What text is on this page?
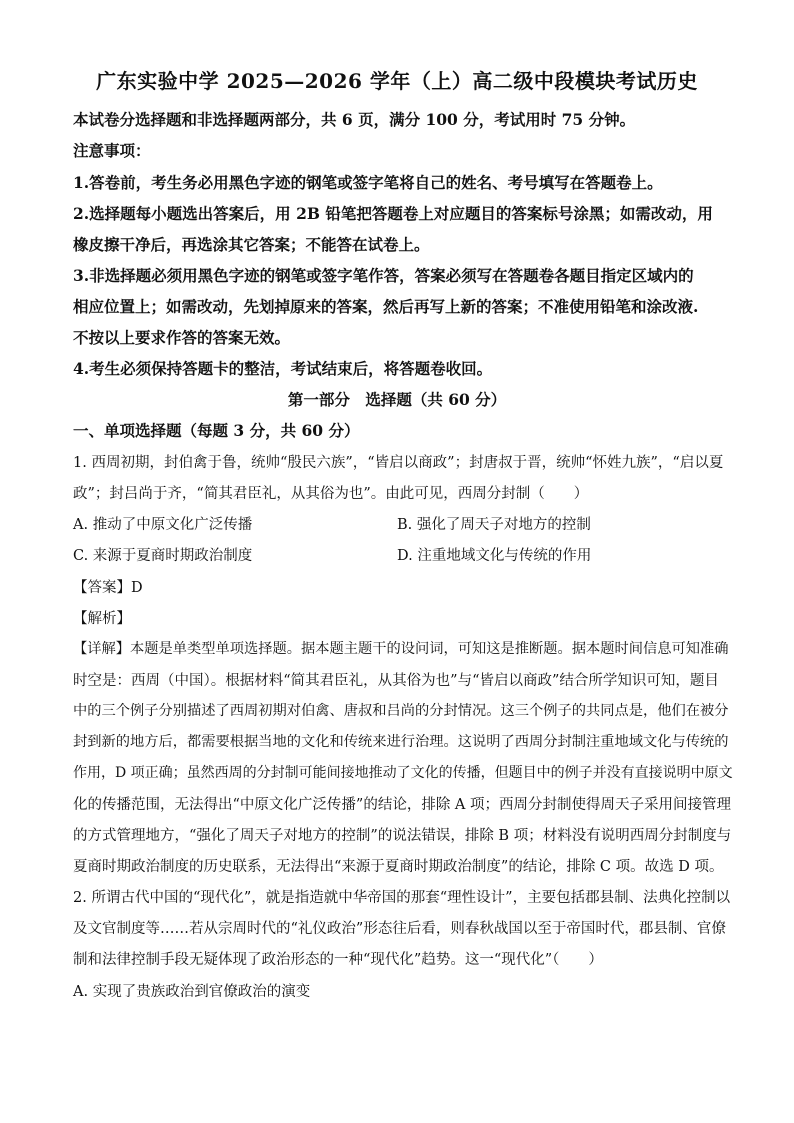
广东实验中学 2025—2026 学年（上）高二级中段模块考试历史
本试卷分选择题和非选择题两部分，共 6 页，满分 100 分，考试用时 75 分钟。
注意事项：
1.答卷前，考生务必用黑色字迹的钢笔或签字笔将自己的姓名、考号填写在答题卷上。
2.选择题每小题选出答案后，用 2B 铅笔把答题卷上对应题目的答案标号涂黑；如需改动，用
橡皮擦干净后，再选涂其它答案；不能答在试卷上。
3.非选择题必须用黑色字迹的钢笔或签字笔作答，答案必须写在答题卷各题目指定区域内的
相应位置上；如需改动，先划掉原来的答案，然后再写上新的答案；不准使用铅笔和涂改液.
不按以上要求作答的答案无效。
4.考生必须保持答题卡的整洁，考试结束后，将答题卷收回。
第一部分　选择题（共 60 分）
一、单项选择题（每题 3 分，共 60 分）
1. 西周初期，封伯禽于鲁，统帅“殷民六族”，“皆启以商政”；封唐叔于晋，统帅“怀姓九族”，“启以夏
政”；封吕尚于齐，“简其君臣礼，从其俗为也”。由此可见，西周分封制（　　）
A. 推动了中原文化广泛传播	B. 强化了周天子对地方的控制
C. 来源于夏商时期政治制度	D. 注重地域文化与传统的作用
【答案】D
【解析】
【详解】本题是单类型单项选择题。据本题主题干的设问词，可知这是推断题。据本题时间信息可知准确
时空是：西周（中国）。根据材料“简其君臣礼，从其俗为也”与“皆启以商政”结合所学知识可知，题目
中的三个例子分别描述了西周初期对伯禽、唐叔和吕尚的分封情况。这三个例子的共同点是，他们在被分
封到新的地方后，都需要根据当地的文化和传统来进行治理。这说明了西周分封制注重地域文化与传统的
作用，D 项正确；虽然西周的分封制可能间接地推动了文化的传播，但题目中的例子并没有直接说明中原文
化的传播范围，无法得出“中原文化广泛传播”的结论，排除 A 项；西周分封制使得周天子采用间接管理
的方式管理地方，“强化了周天子对地方的控制”的说法错误，排除 B 项；材料没有说明西周分封制度与
夏商时期政治制度的历史联系，无法得出“来源于夏商时期政治制度”的结论，排除 C 项。故选 D 项。
2. 所谓古代中国的“现代化”，就是指造就中华帝国的那套“理性设计”，主要包括郡县制、法典化控制以
及文官制度等……若从宗周时代的“礼仪政治”形态往后看，则春秋战国以至于帝国时代，郡县制、官僚
制和法律控制手段无疑体现了政治形态的一种“现代化”趋势。这一“现代化”（　　）
A. 实现了贵族政治到官僚政治的演变
